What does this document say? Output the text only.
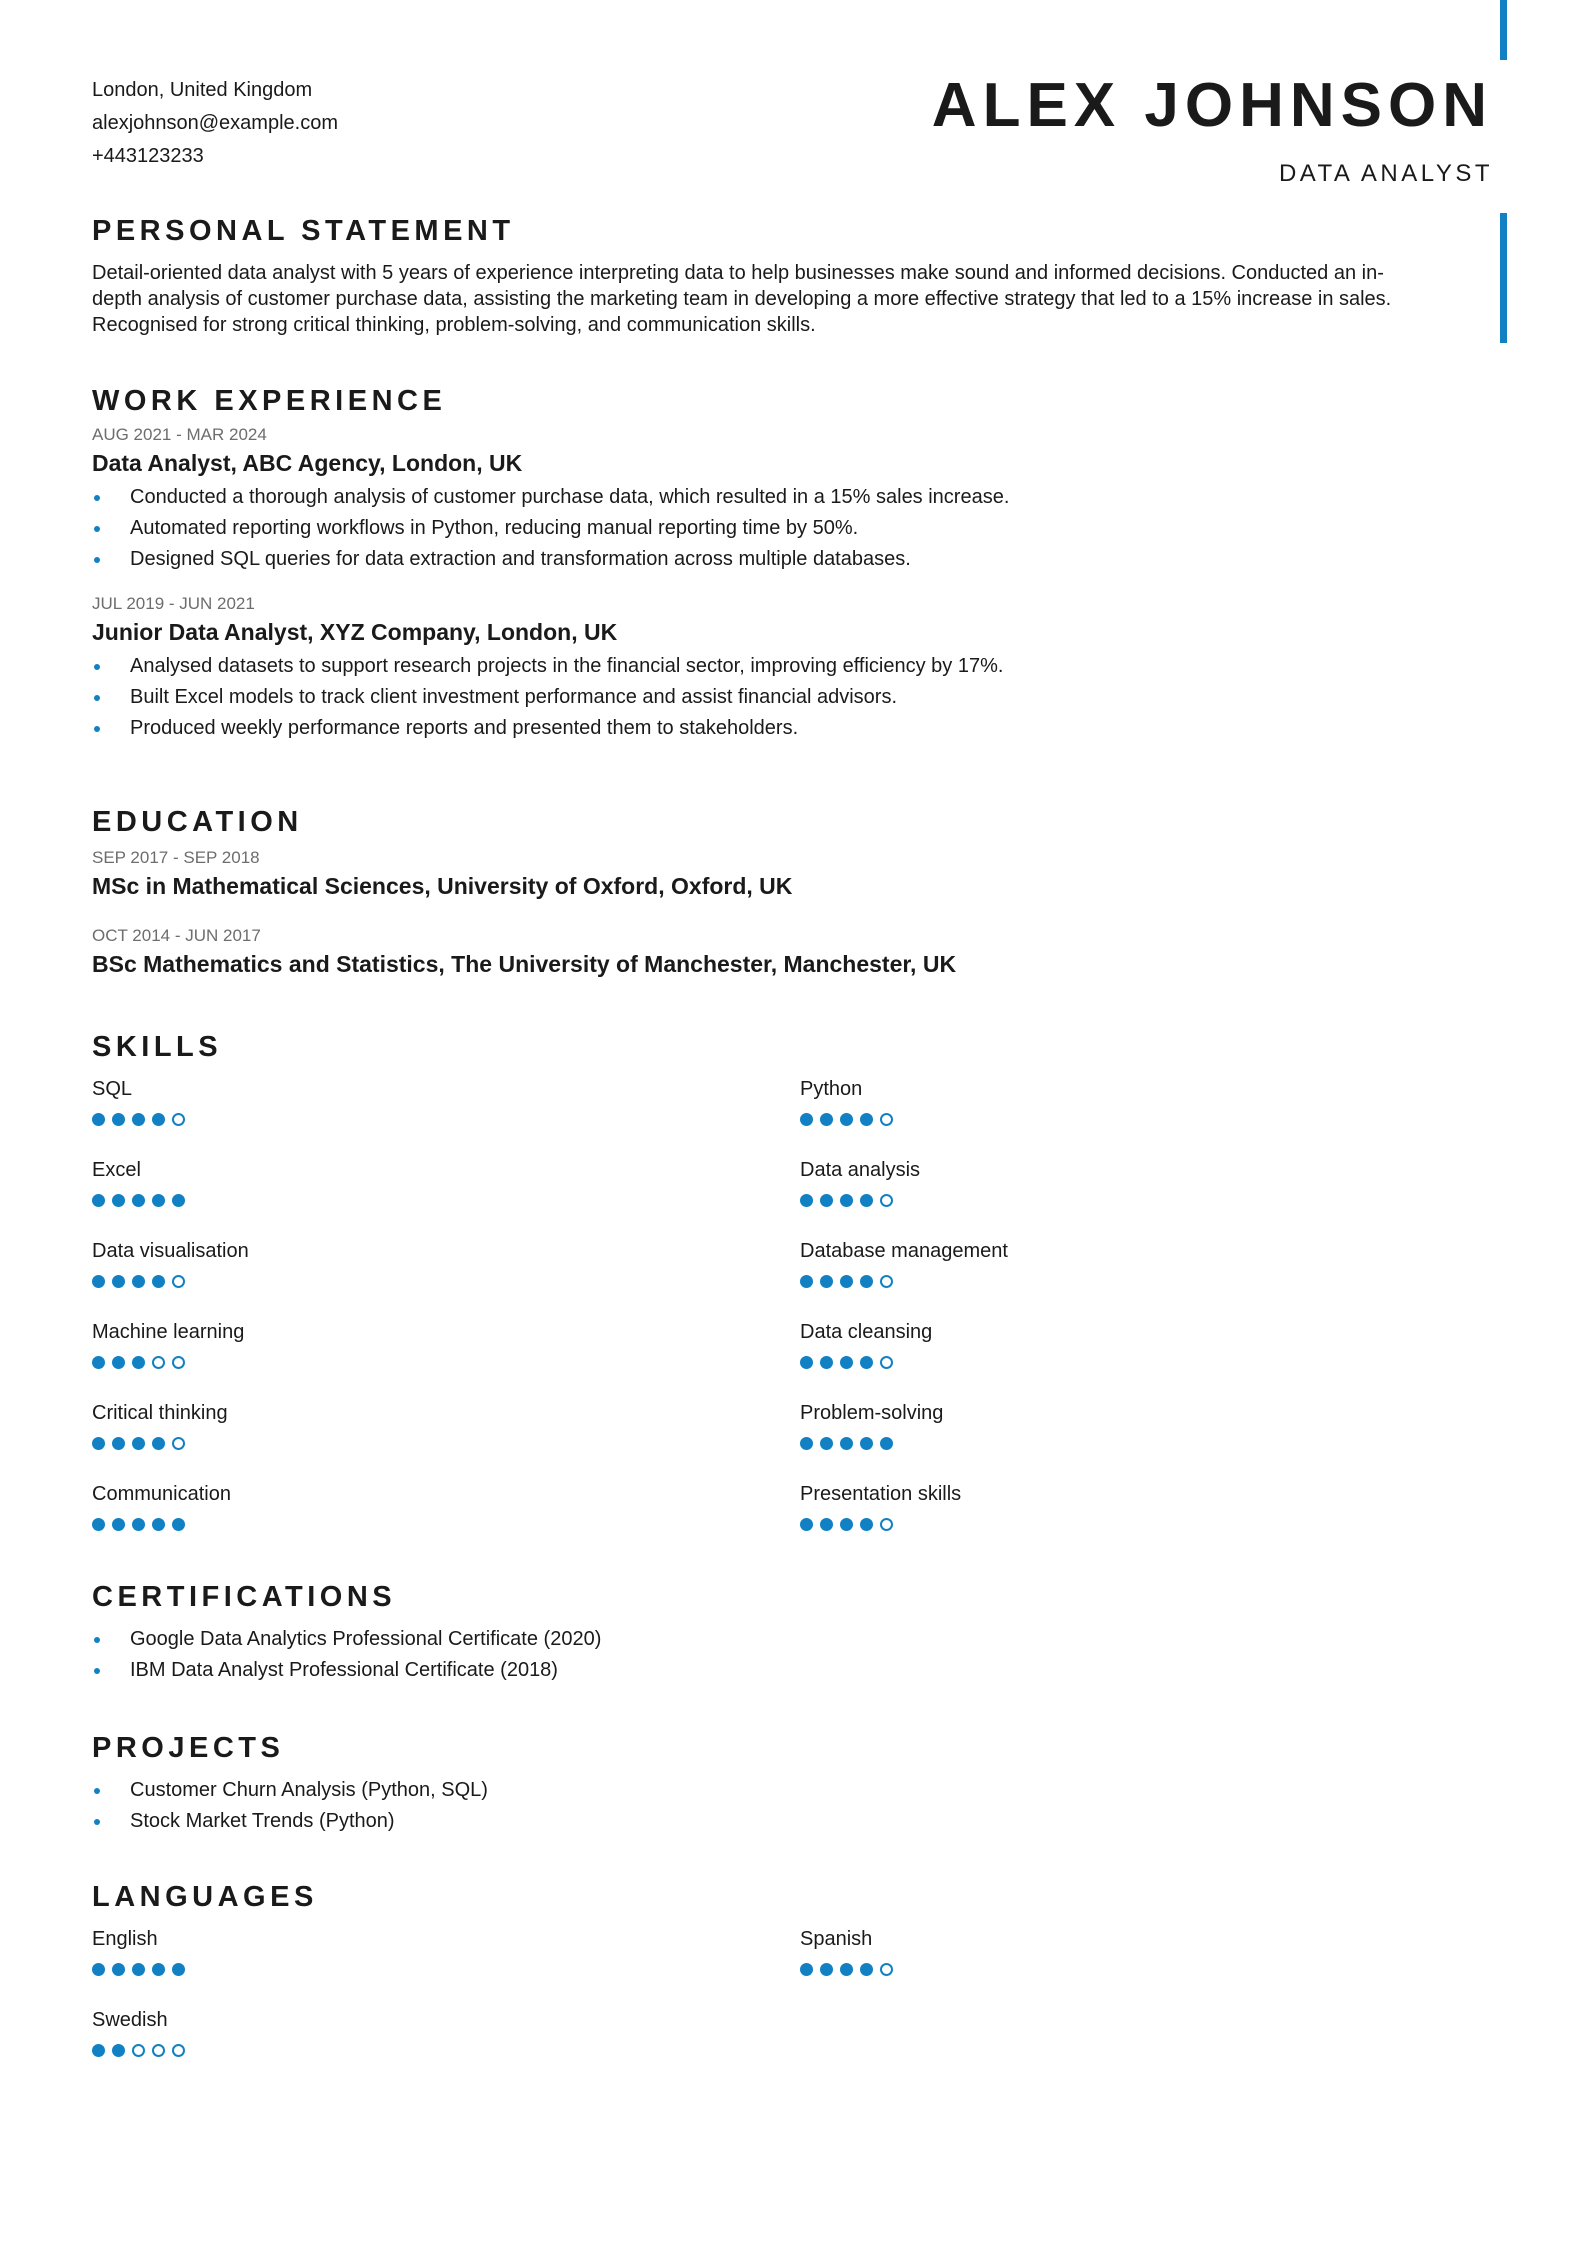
London, United Kingdom
alexjohnson@example.com
+443123233
ALEX JOHNSON
DATA ANALYST
PERSONAL STATEMENT

Detail-oriented data analyst with 5 years of experience interpreting data to help businesses make sound and informed decisions. Conducted an in-depth analysis of customer purchase data, assisting the marketing team in developing a more effective strategy that led to a 15% increase in sales. Recognised for strong critical thinking, problem-solving, and communication skills.

WORK EXPERIENCE
AUG 2021 - MAR 2024
Data Analyst, ABC Agency, London, UK
Conducted a thorough analysis of customer purchase data, which resulted in a 15% sales increase.
Automated reporting workflows in Python, reducing manual reporting time by 50%.
Designed SQL queries for data extraction and transformation across multiple databases.
JUL 2019 - JUN 2021
Junior Data Analyst, XYZ Company, London, UK
Analysed datasets to support research projects in the financial sector, improving efficiency by 17%.
Built Excel models to track client investment performance and assist financial advisors.
Produced weekly performance reports and presented them to stakeholders.
EDUCATION
SEP 2017 - SEP 2018
MSc in Mathematical Sciences, University of Oxford, Oxford, UK
OCT 2014 - JUN 2017
BSc Mathematics and Statistics, The University of Manchester, Manchester, UK
SKILLS
SQL	Python
Excel	Data analysis
Data visualisation	Database management
Machine learning	Data cleansing
Critical thinking	Problem-solving
Communication	Presentation skills
CERTIFICATIONS
Google Data Analytics Professional Certificate (2020)
IBM Data Analyst Professional Certificate (2018)
PROJECTS
Customer Churn Analysis (Python, SQL)
Stock Market Trends (Python)
LANGUAGES
English	Spanish
Swedish
